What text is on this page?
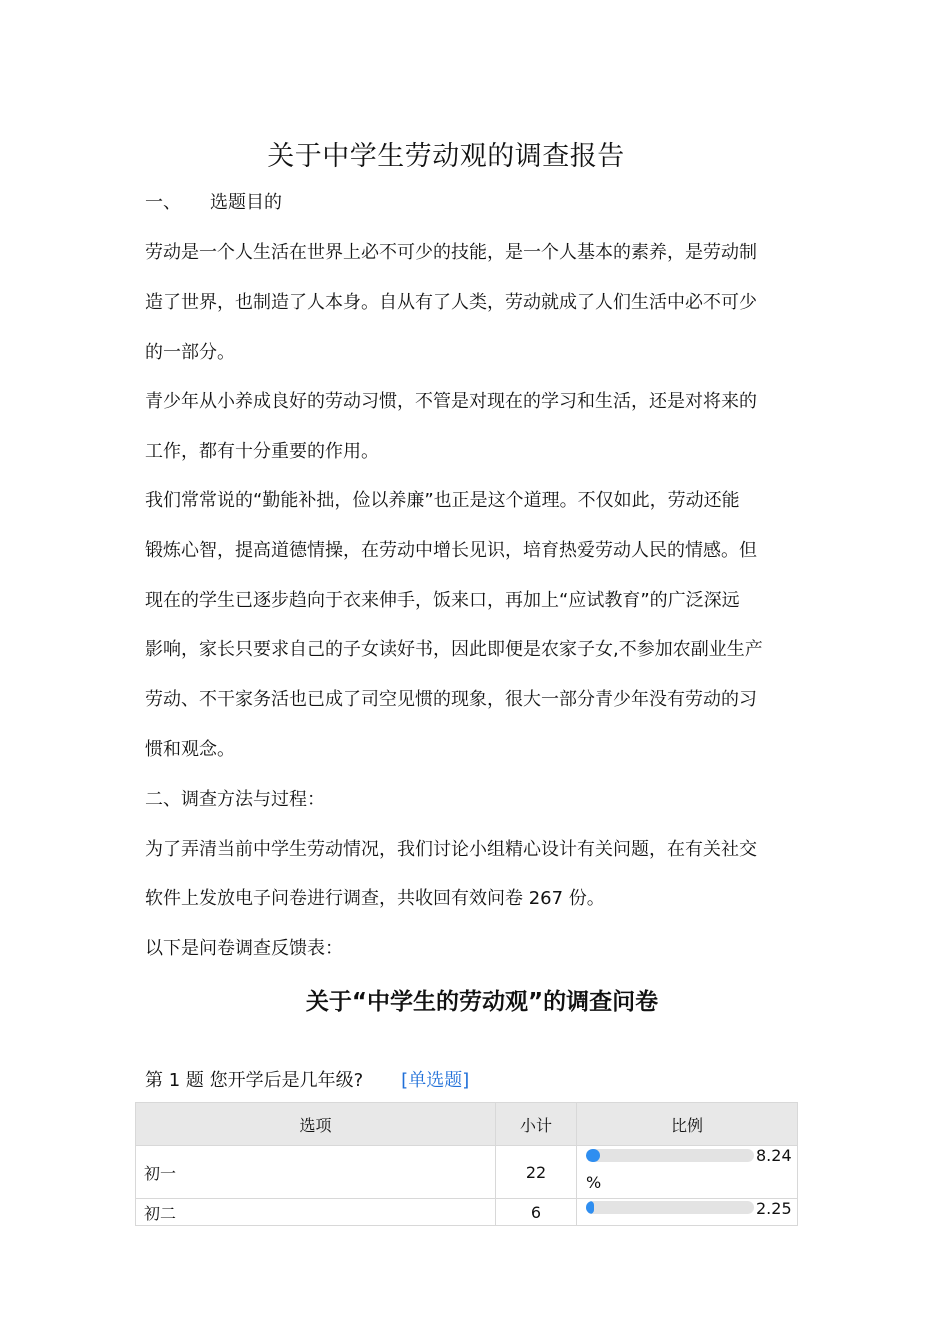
关于中学生劳动观的调查报告
一、 选题目的
劳动是一个人生活在世界上必不可少的技能，是一个人基本的素养，是劳动制
造了世界，也制造了人本身。自从有了人类，劳动就成了人们生活中必不可少
的一部分。
青少年从小养成良好的劳动习惯，不管是对现在的学习和生活，还是对将来的
工作，都有十分重要的作用。
我们常常说的“勤能补拙，俭以养廉”也正是这个道理。不仅如此，劳动还能
锻炼心智，提高道德情操，在劳动中增长见识，培育热爱劳动人民的情感。但
现在的学生已逐步趋向于衣来伸手，饭来口，再加上“应试教育”的广泛深远
影响，家长只要求自己的子女读好书，因此即便是农家子女,不参加农副业生产
劳动、不干家务活也已成了司空见惯的现象，很大一部分青少年没有劳动的习
惯和观念。
二、调查方法与过程：
为了弄清当前中学生劳动情况，我们讨论小组精心设计有关问题，在有关社交
软件上发放电子问卷进行调查，共收回有效问卷 267 份。
以下是问卷调查反馈表：
关于“中学生的劳动观”的调查问卷
第 1 题 您开学后是几年级? [单选题]
选项	小计	比例
初一	22	8.24
%

初二	6	2.25
